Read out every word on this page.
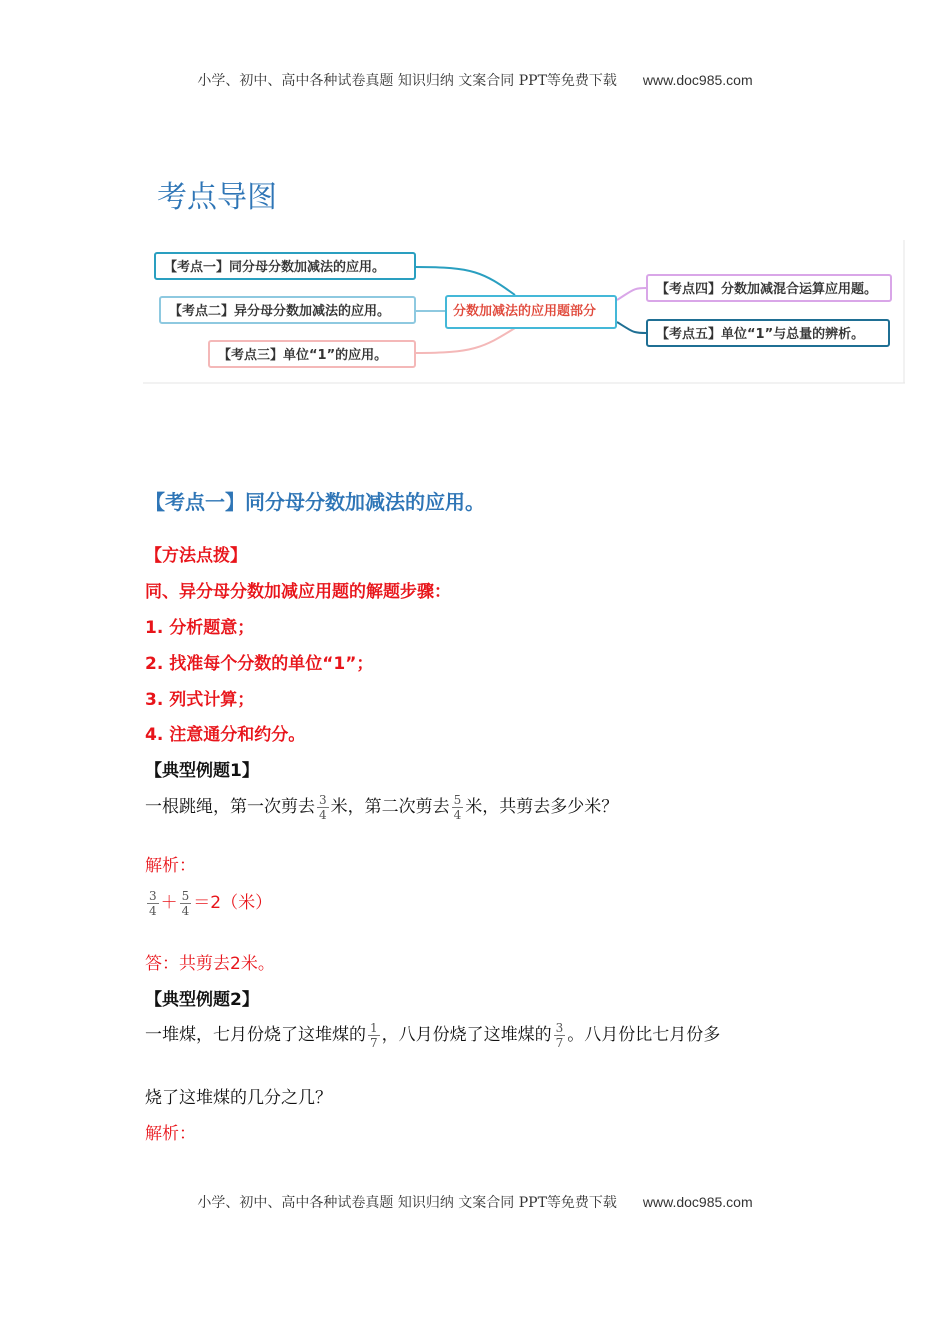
小学、初中、高中各种试卷真题 知识归纳 文案合同 PPT等免费下载 www.doc985.com
考点导图
【考点一】同分母分数加减法的应用。
【考点二】异分母分数加减法的应用。
【考点三】单位“1”的应用。
分数加减法的应用题部分
【考点四】分数加减混合运算应用题。
【考点五】单位“1”与总量的辨析。
【考点一】同分母分数加减法的应用。
【方法点拨】
同、异分母分数加减应用题的解题步骤：
1. 分析题意；
2. 找准每个分数的单位“1”；
3. 列式计算；
4. 注意通分和约分。
【典型例题1】
一根跳绳，第一次剪去 $\frac{3}{4}$ 米，第二次剪去 $\frac{5}{4}$ 米，共剪去多少米？
解析：
$\frac{3}{4} + \frac{5}{4} =2$（米）
答：共剪去2米。
【典型例题2】
一堆煤，七月份烧了这堆煤的 $\frac{1}{7}$ ，八月份烧了这堆煤的 $\frac{3}{7}$ 。八月份比七月份多
烧了这堆煤的几分之几？
解析：
小学、初中、高中各种试卷真题 知识归纳 文案合同 PPT等免费下载 www.doc985.com
